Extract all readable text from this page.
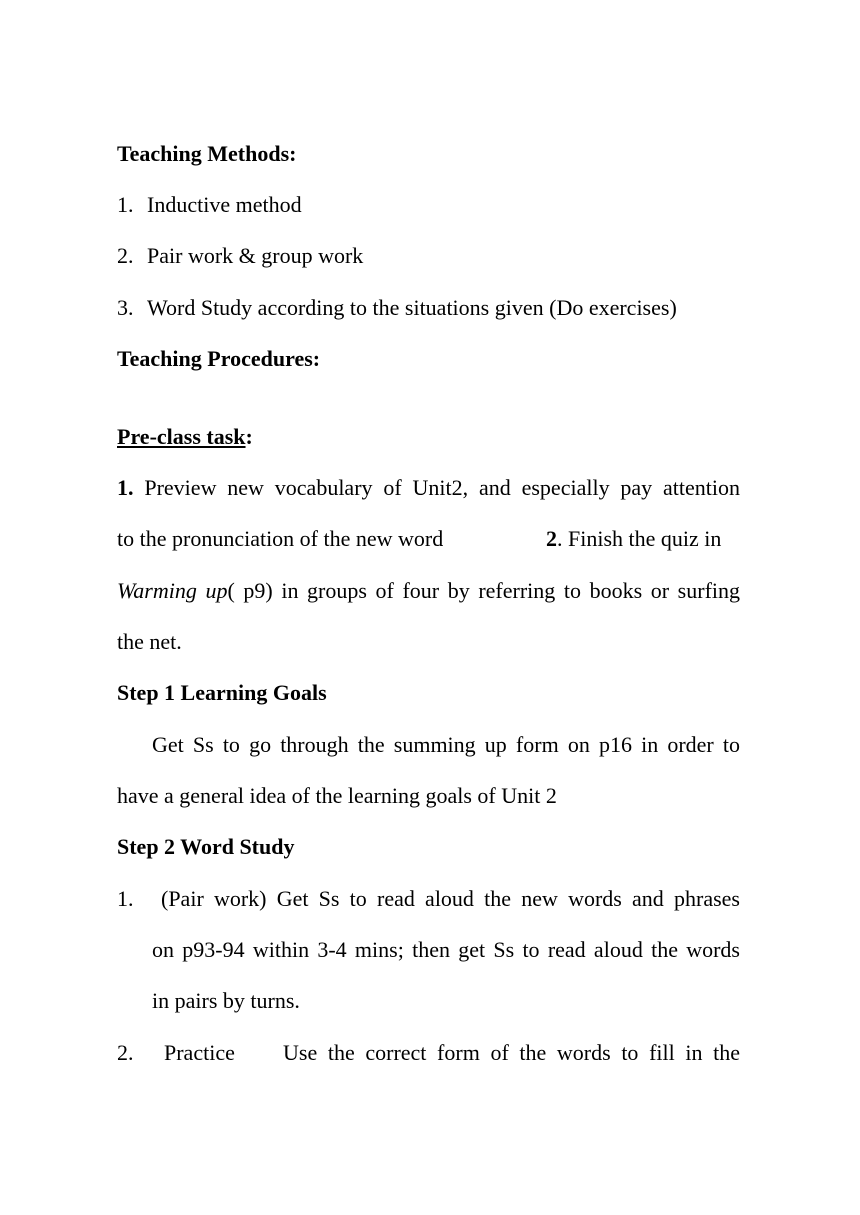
Teaching Methods:
1. Inductive method
2. Pair work & group work
3. Word Study according to the situations given (Do exercises)
Teaching Procedures:
Pre-class task:
1. Preview new vocabulary of Unit2, and especially pay attention
to the pronunciation of the new word	2. Finish the quiz in
Warming up( p9) in groups of four by referring to books or surfing
the net.
Step 1 Learning Goals
Get Ss to go through the summing up form on p16 in order to
have a general idea of the learning goals of Unit 2
Step 2 Word Study
1. (Pair work) Get Ss to read aloud the new words and phrases
on p93-94 within 3-4 mins; then get Ss to read aloud the words
in pairs by turns.
2. Practice Use the correct form of the words to fill in the
